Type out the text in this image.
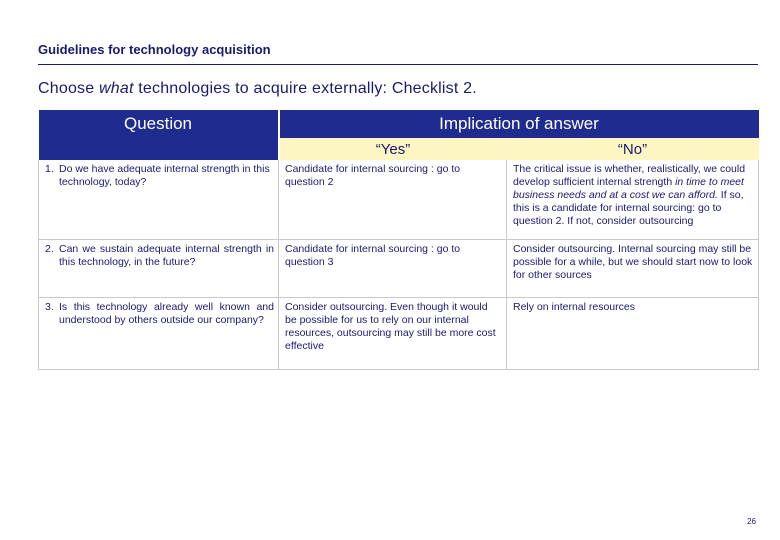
Guidelines for technology acquisition
Choose what technologies to acquire externally: Checklist 2.
Question	Implication of answer	
	“Yes”	“No”

1. Do we have adequate internal strength in this technology, today?	Candidate for internal sourcing : go to question 2	The critical issue is whether, realistically, we could develop sufficient internal strength in time to meet business needs and at a cost we can afford. If so, this is a candidate for internal sourcing: go to question 2. If not, consider outsourcing

2. Can we sustain adequate internal strength in this technology, in the future?	Candidate for internal sourcing : go to question 3	Consider outsourcing. Internal sourcing may still be possible for a while, but we should start now to look for other sources

3. Is this technology already well known and understood by others outside our company?	Consider outsourcing. Even though it would be possible for us to rely on our internal resources, outsourcing may still be more cost effective	Rely on internal resources
26
